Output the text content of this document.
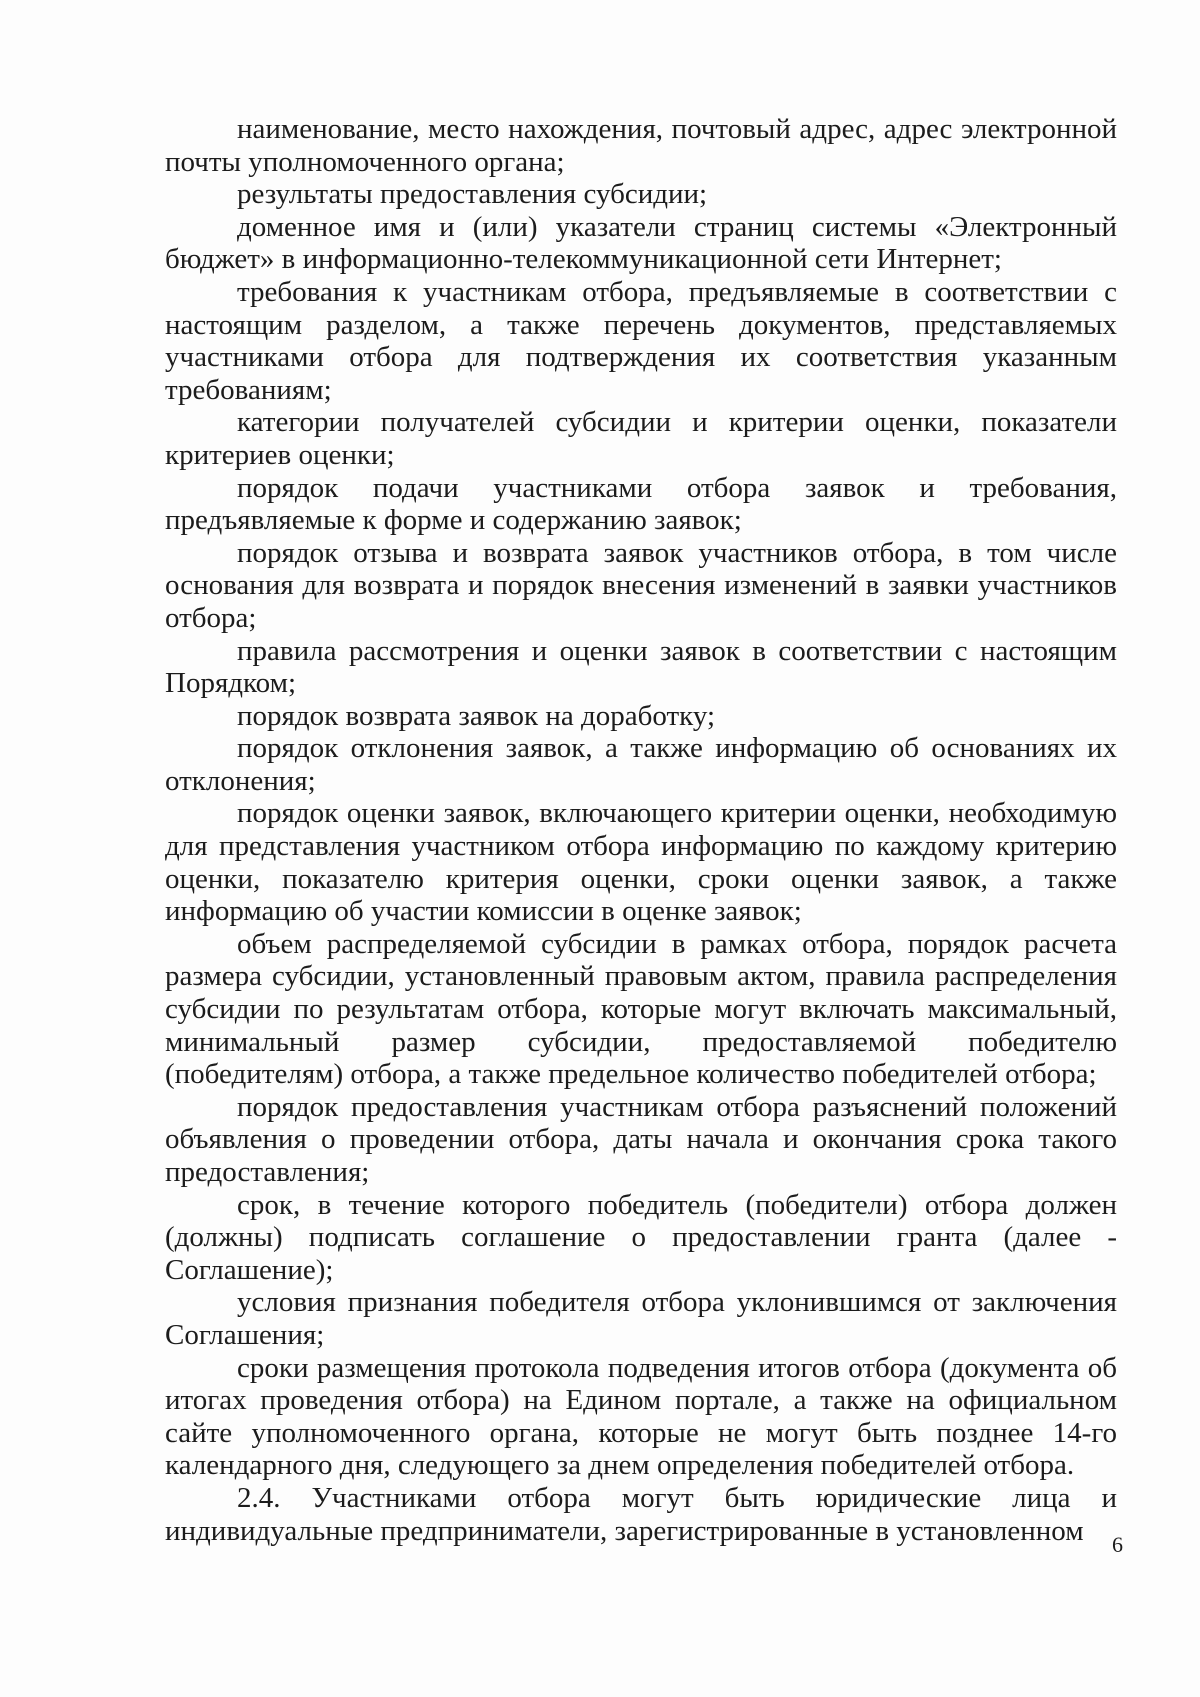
наименование, место нахождения, почтовый адрес, адрес электронной почты уполномоченного органа;

результаты предоставления субсидии;

доменное имя и (или) указатели страниц системы «Электронный бюджет» в информационно-телекоммуникационной сети Интернет;

требования к участникам отбора, предъявляемые в соответствии с настоящим разделом, а также перечень документов, представляемых участниками отбора для подтверждения их соответствия указанным требованиям;

категории получателей субсидии и критерии оценки, показатели критериев оценки;

порядок подачи участниками отбора заявок и требования, предъявляемые к форме и содержанию заявок;

порядок отзыва и возврата заявок участников отбора, в том числе основания для возврата и порядок внесения изменений в заявки участников отбора;

правила рассмотрения и оценки заявок в соответствии с настоящим Порядком;

порядок возврата заявок на доработку;

порядок отклонения заявок, а также информацию об основаниях их отклонения;

порядок оценки заявок, включающего критерии оценки, необходимую для представления участником отбора информацию по каждому критерию оценки, показателю критерия оценки, сроки оценки заявок, а также информацию об участии комиссии в оценке заявок;

объем распределяемой субсидии в рамках отбора, порядок расчета размера субсидии, установленный правовым актом, правила распределения субсидии по результатам отбора, которые могут включать максимальный, минимальный размер субсидии, предоставляемой победителю (победителям) отбора, а также предельное количество победителей отбора;

порядок предоставления участникам отбора разъяснений положений объявления о проведении отбора, даты начала и окончания срока такого предоставления;

срок, в течение которого победитель (победители) отбора должен (должны) подписать соглашение о предоставлении гранта (далее - Соглашение);

условия признания победителя отбора уклонившимся от заключения Соглашения;

сроки размещения протокола подведения итогов отбора (документа об итогах проведения отбора) на Едином портале, а также на официальном сайте уполномоченного органа, которые не могут быть позднее 14-го календарного дня, следующего за днем определения победителей отбора.

2.4. Участниками отбора могут быть юридические лица и индивидуальные предприниматели, зарегистрированные в установленном	6
